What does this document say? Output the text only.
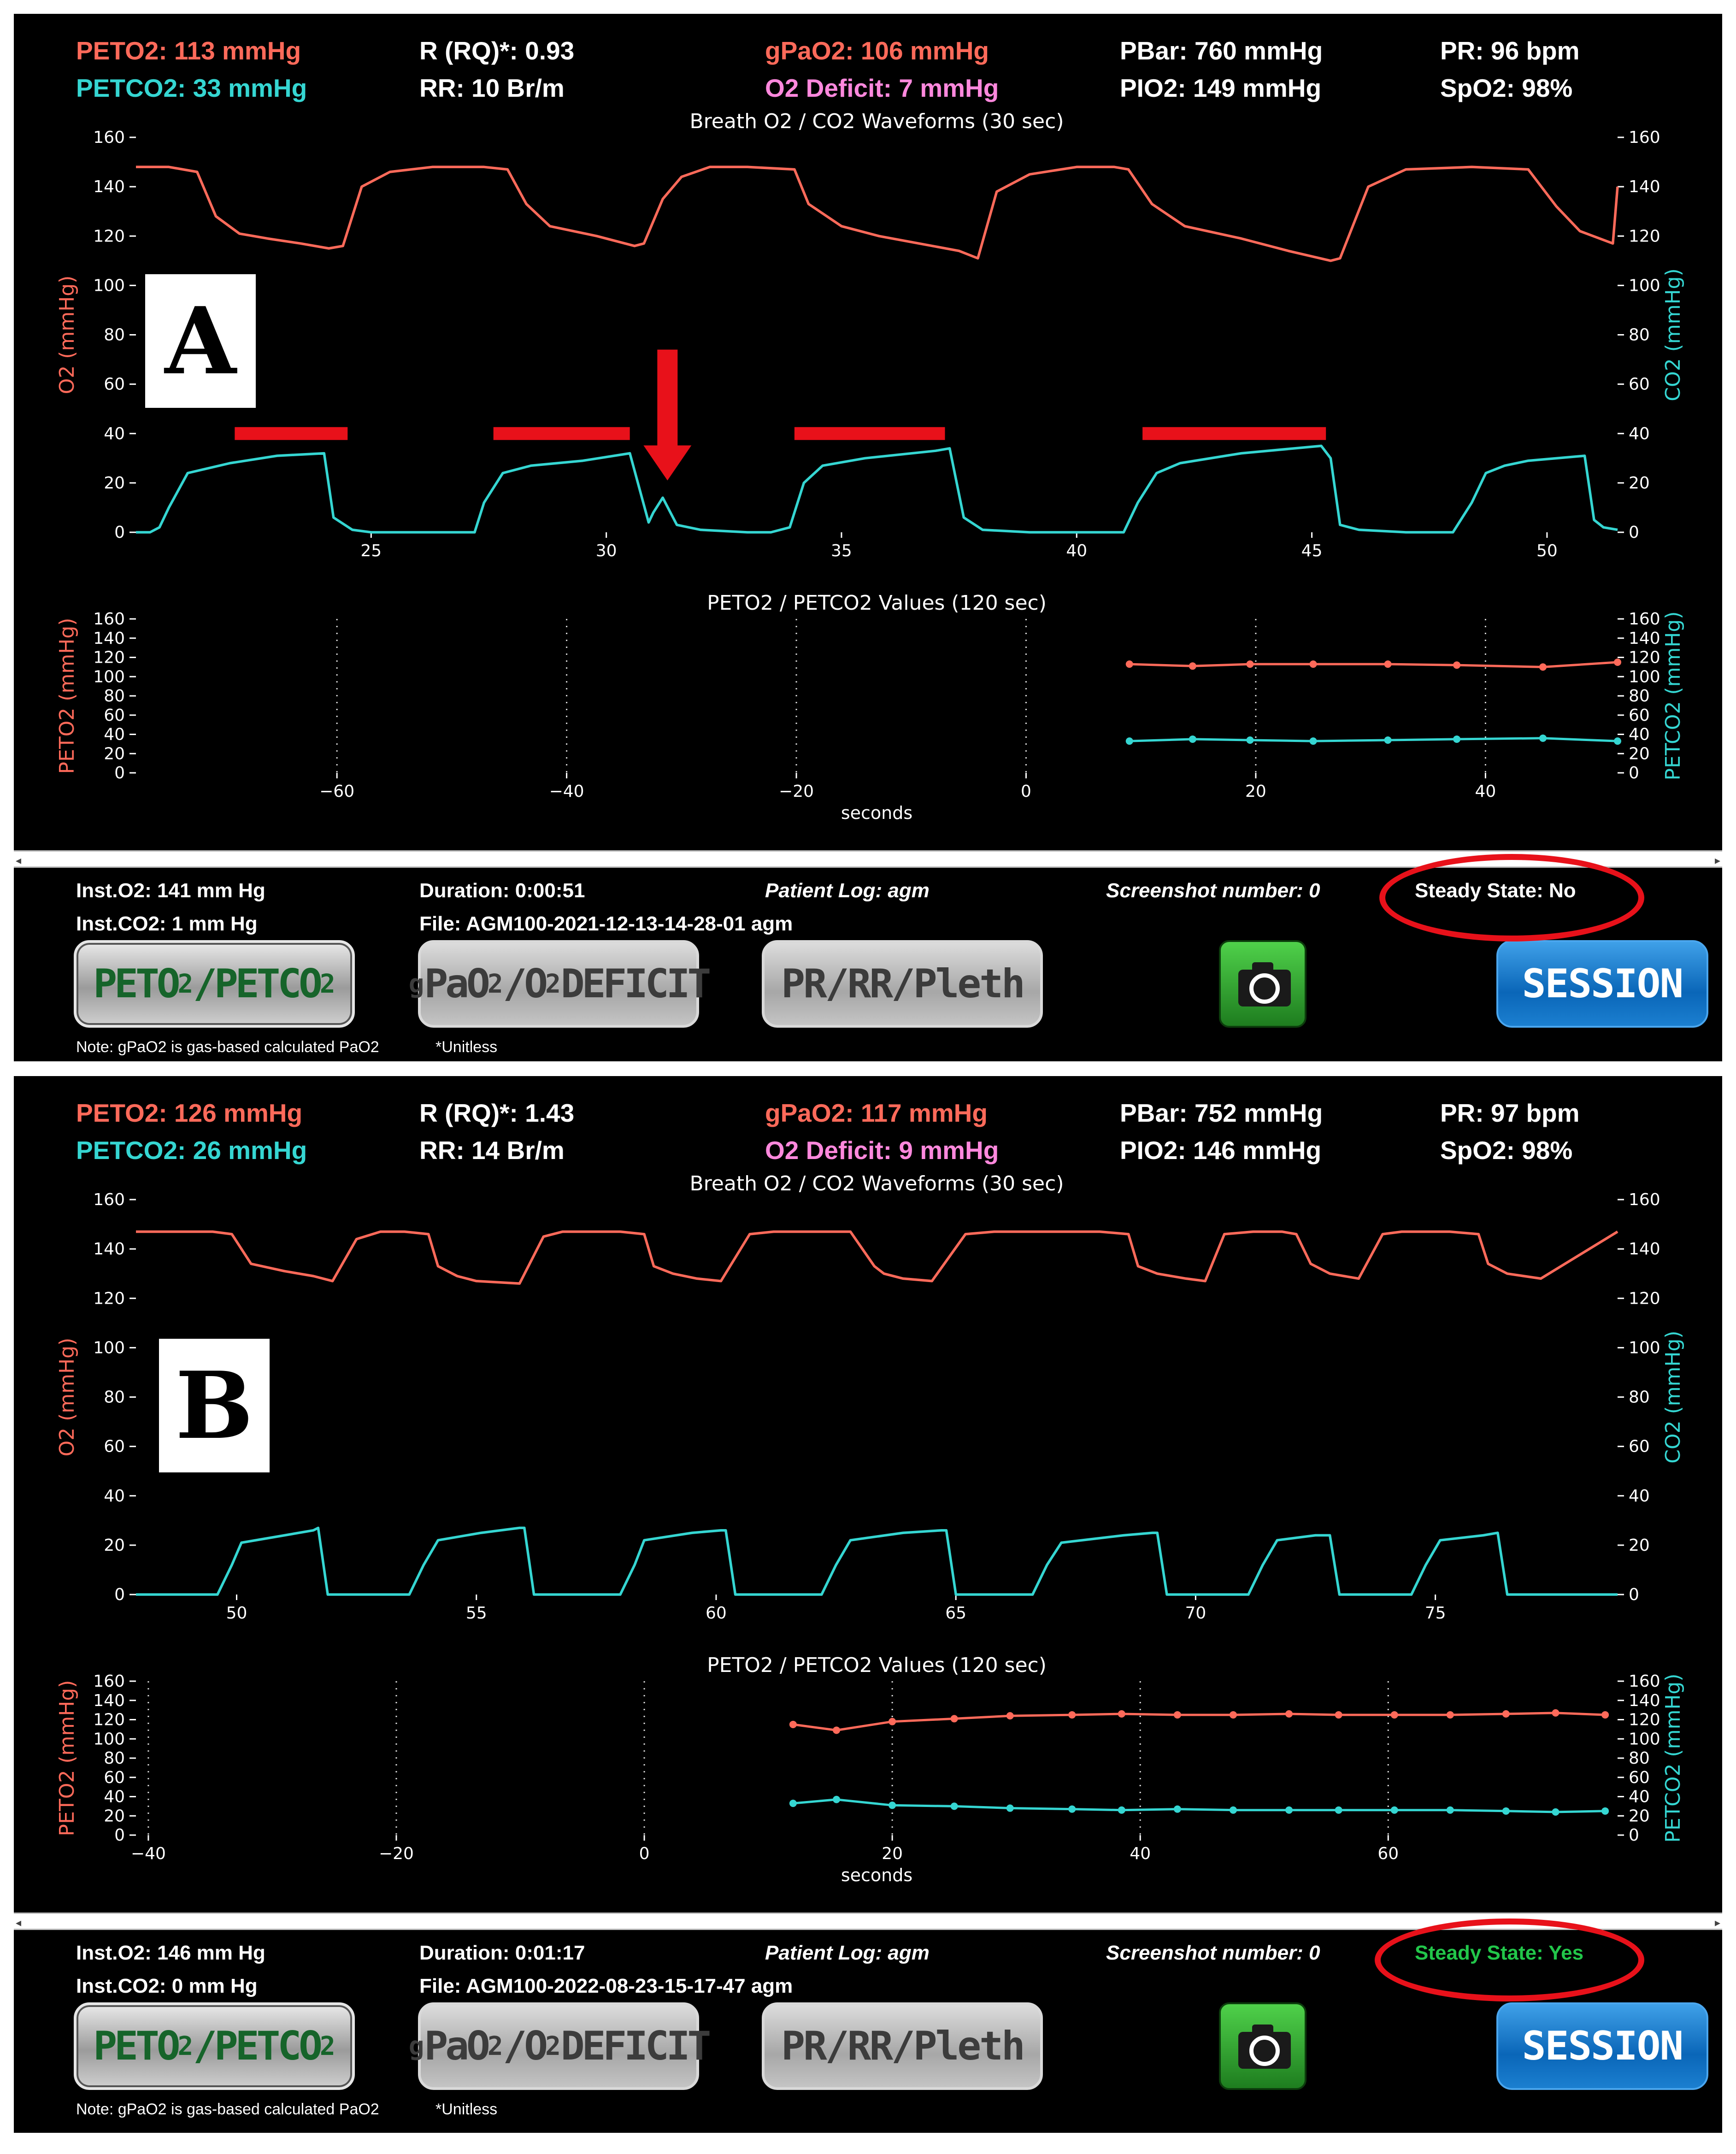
PETO2: 113 mmHg
PETCO2: 33 mmHg
R (RQ)*: 0.93
RR: 10 Br/m
gPaO2: 106 mmHg
O2 Deficit: 7 mmHg
PBar: 760 mmHg
PIO2: 149 mmHg
PR: 96 bpm
SpO2: 98%
Breath O2 / CO2 Waveforms (30 sec)
0	0
20	20
40	40
60	60
80	80
100	100
120	120
140	140
160	160
25	30	35	40	45	50
O2 (mmHg)	CO2 (mmHg)
PETO2 / PETCO2 Values (120 sec)
0	0
20	20
40	40
60	60
80	80
100	100
120	120
140	140
160	160
−60	−40	−20	0	20	40
PETO2 (mmHg)	PETCO2 (mmHg)
seconds
A
◂	▸
Inst.O2: 141 mm Hg
Inst.CO2: 1 mm Hg
Duration: 0:00:51
File: AGM100-2021-12-13-14-28-01 agm
Patient Log: agm	Screenshot number: 0	Steady State: No
PETO 2 /PETCO 2	g PaO 2 /O 2 DEFICIT	PR/RR/Pleth	SESSION
Note: gPaO2 is gas-based calculated PaO2	*Unitless
PETO2: 126 mmHg
PETCO2: 26 mmHg
R (RQ)*: 1.43
RR: 14 Br/m
gPaO2: 117 mmHg
O2 Deficit: 9 mmHg
PBar: 752 mmHg
PIO2: 146 mmHg
PR: 97 bpm
SpO2: 98%
Breath O2 / CO2 Waveforms (30 sec)
0	0
20	20
40	40
60	60
80	80
100	100
120	120
140	140
160	160
50	55	60	65	70	75
O2 (mmHg)	CO2 (mmHg)
PETO2 / PETCO2 Values (120 sec)
0	0
20	20
40	40
60	60
80	80
100	100
120	120
140	140
160	160
−40	−20	0	20	40	60
PETO2 (mmHg)	PETCO2 (mmHg)
seconds
B
◂	▸
Inst.O2: 146 mm Hg
Inst.CO2: 0 mm Hg
Duration: 0:01:17
File: AGM100-2022-08-23-15-17-47 agm
Patient Log: agm	Screenshot number: 0	Steady State: Yes
PETO 2 /PETCO 2	g PaO 2 /O 2 DEFICIT	PR/RR/Pleth	SESSION
Note: gPaO2 is gas-based calculated PaO2	*Unitless
